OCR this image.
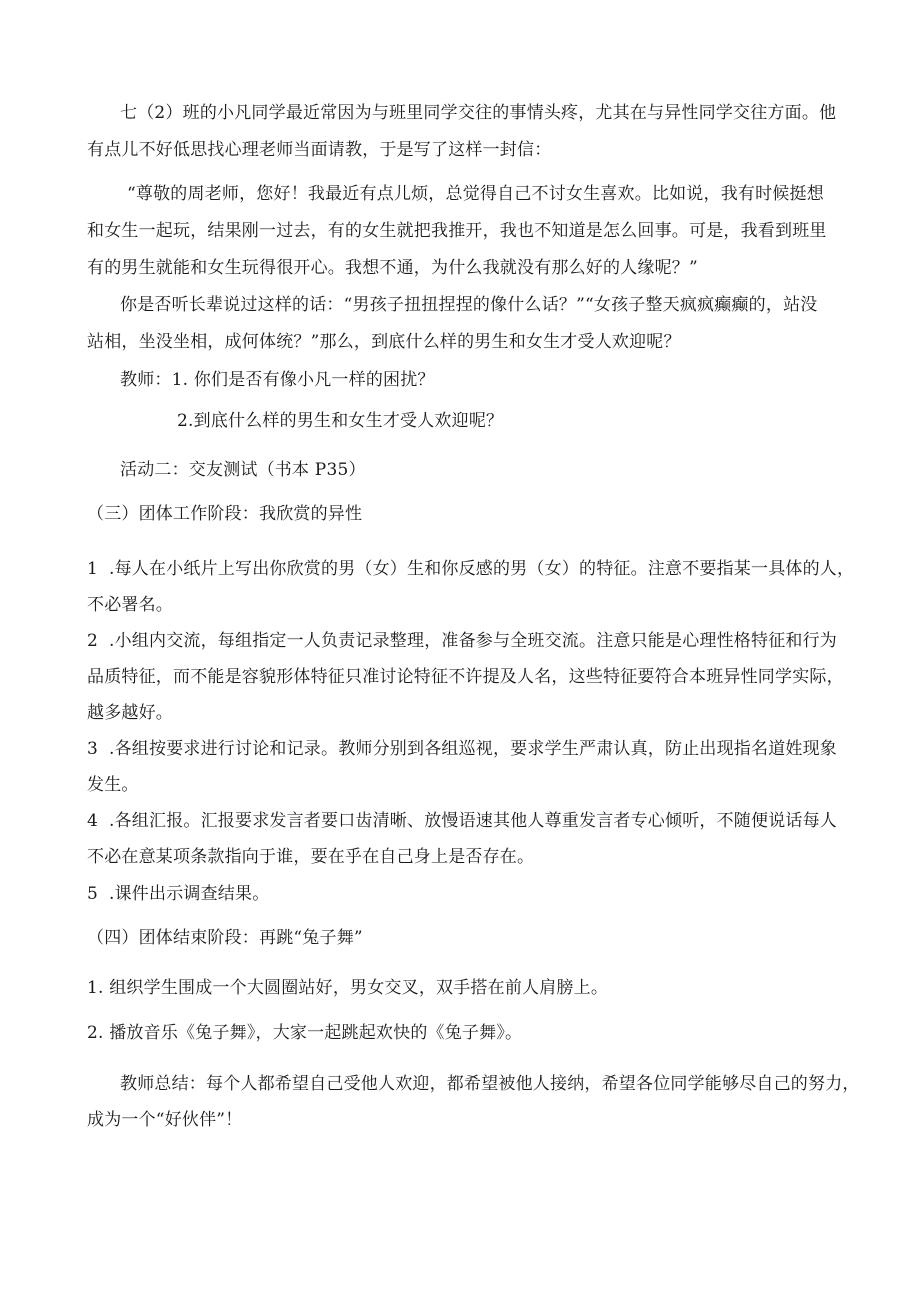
七（2）班的小凡同学最近常因为与班里同学交往的事情头疼，尤其在与异性同学交往方面。他
有点儿不好低思找心理老师当面请教，于是写了这样一封信：
“尊敬的周老师，您好！我最近有点儿烦，总觉得自己不讨女生喜欢。比如说，我有时候挺想
和女生一起玩，结果刚一过去，有的女生就把我推开，我也不知道是怎么回事。可是，我看到班里
有的男生就能和女生玩得很开心。我想不通，为什么我就没有那么好的人缘呢？”
你是否听长辈说过这样的话：“男孩子扭扭捏捏的像什么话？”“女孩子整天疯疯癫癫的，站没
站相，坐没坐相，成何体统？”那么，到底什么样的男生和女生才受人欢迎呢？
教师：1. 你们是否有像小凡一样的困扰？
2.到底什么样的男生和女生才受人欢迎呢？
活动二：交友测试（书本 P35）
（三）团体工作阶段：我欣赏的异性
1 .每人在小纸片上写出你欣赏的男（女）生和你反感的男（女）的特征。注意不要指某一具体的人，
不必署名。
2 .小组内交流，每组指定一人负责记录整理，准备参与全班交流。注意只能是心理性格特征和行为
品质特征，而不能是容貌形体特征只准讨论特征不许提及人名，这些特征要符合本班异性同学实际，
越多越好。
3 .各组按要求进行讨论和记录。教师分别到各组巡视，要求学生严肃认真，防止出现指名道姓现象
发生。
4 .各组汇报。汇报要求发言者要口齿清晰、放慢语速其他人尊重发言者专心倾听，不随便说话每人
不必在意某项条款指向于谁，要在乎在自己身上是否存在。
5 .课件出示调查结果。
（四）团体结束阶段：再跳“兔子舞”
1. 组织学生围成一个大圆圈站好，男女交叉，双手搭在前人肩膀上。
2. 播放音乐《兔子舞》，大家一起跳起欢快的《兔子舞》。
教师总结：每个人都希望自己受他人欢迎，都希望被他人接纳，希望各位同学能够尽自己的努力，
成为一个“好伙伴”！
